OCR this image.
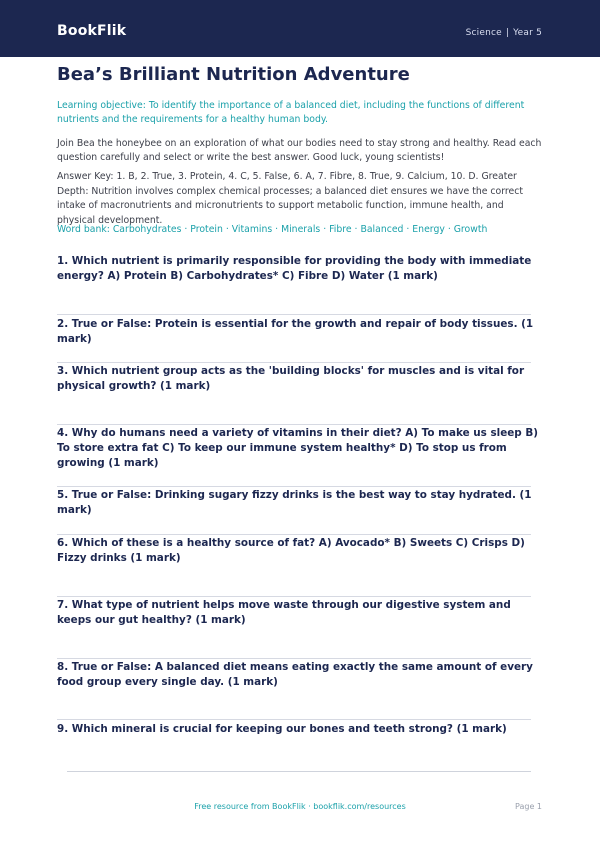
BookFlik	Science | Year 5
Bea’s Brilliant Nutrition Adventure
Learning objective: To identify the importance of a balanced diet, including the functions of different nutrients and the requirements for a healthy human body.
Join Bea the honeybee on an exploration of what our bodies need to stay strong and healthy. Read each question carefully and select or write the best answer. Good luck, young scientists!
Answer Key: 1. B, 2. True, 3. Protein, 4. C, 5. False, 6. A, 7. Fibre, 8. True, 9. Calcium, 10. D. Greater Depth: Nutrition involves complex chemical processes; a balanced diet ensures we have the correct intake of macronutrients and micronutrients to support metabolic function, immune health, and physical development.
Word bank: Carbohydrates · Protein · Vitamins · Minerals · Fibre · Balanced · Energy · Growth
1. Which nutrient is primarily responsible for providing the body with immediate energy? A) Protein B) Carbohydrates* C) Fibre D) Water (1 mark)
2. True or False: Protein is essential for the growth and repair of body tissues. (1 mark)
3. Which nutrient group acts as the 'building blocks' for muscles and is vital for physical growth? (1 mark)
4. Why do humans need a variety of vitamins in their diet? A) To make us sleep B) To store extra fat C) To keep our immune system healthy* D) To stop us from growing (1 mark)
5. True or False: Drinking sugary fizzy drinks is the best way to stay hydrated. (1 mark)
6. Which of these is a healthy source of fat? A) Avocado* B) Sweets C) Crisps D) Fizzy drinks (1 mark)
7. What type of nutrient helps move waste through our digestive system and keeps our gut healthy? (1 mark)
8. True or False: A balanced diet means eating exactly the same amount of every food group every single day. (1 mark)
9. Which mineral is crucial for keeping our bones and teeth strong? (1 mark)
Free resource from BookFlik · bookflik.com/resources	Page 1
